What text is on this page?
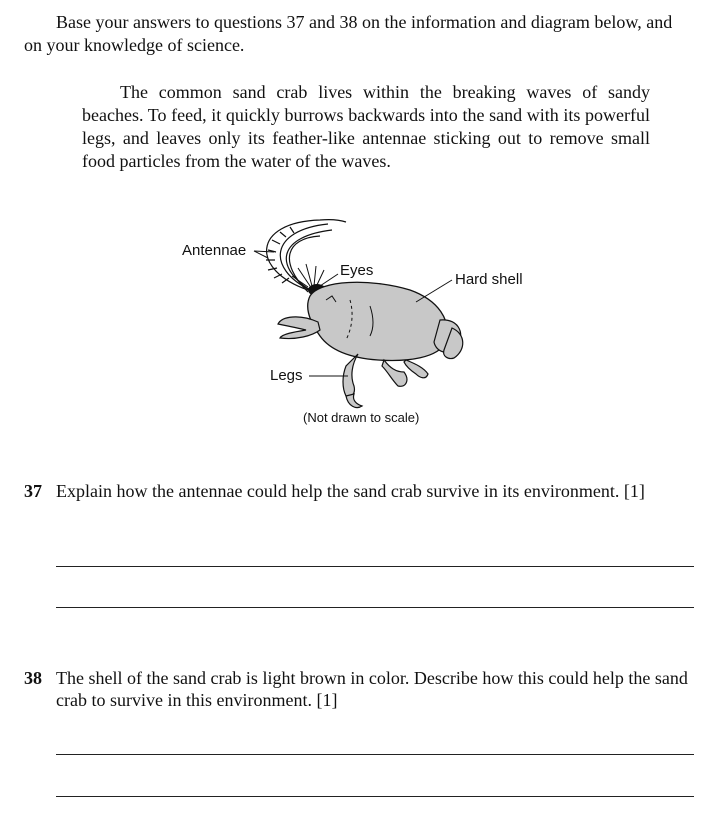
Base your answers to questions 37 and 38 on the information and diagram below, and on your knowledge of science.

The common sand crab lives within the breaking waves of sandy beaches. To feed, it quickly burrows backwards into the sand with its powerful legs, and leaves only its feather-like antennae sticking out to remove small food particles from the water of the waves.

Antennae
Eyes
Hard shell
Legs
(Not drawn to scale)
37 Explain how the antennae could help the sand crab survive in its environment. [1]
38 The shell of the sand crab is light brown in color. Describe how this could help the sand crab to survive in this environment. [1]
